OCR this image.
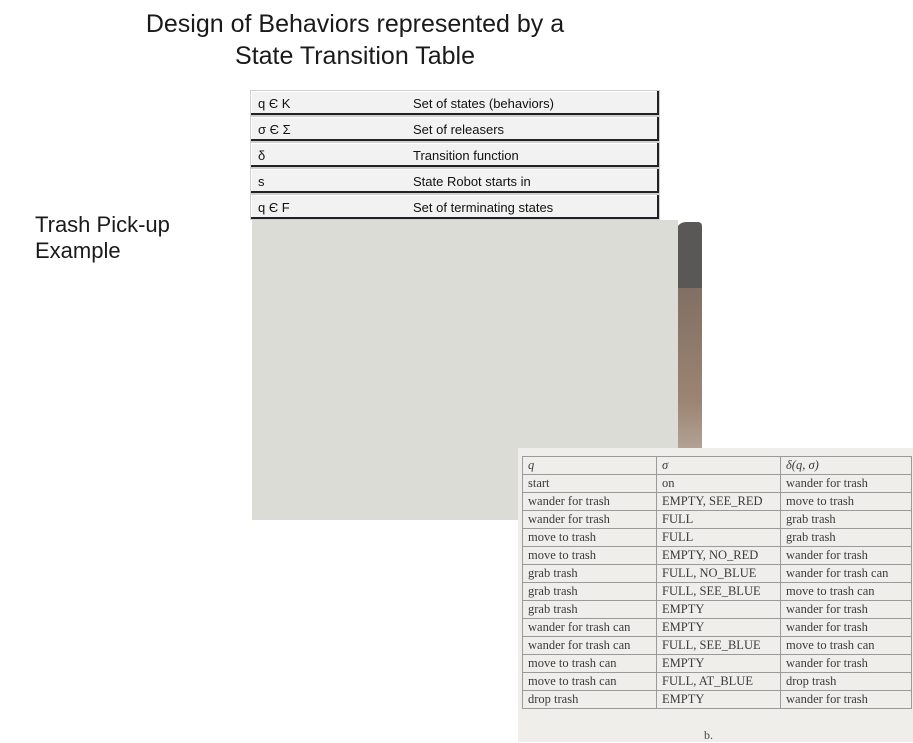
Design of Behaviors represented by a
State Transition Table
Trash Pick-up
Example
q Є K	Set of states (behaviors)
σ Є Σ	Set of releasers
δ	Transition function
s	State Robot starts in
q Є F	Set of terminating states
q	σ	δ(q, σ)
start	on	wander for trash
wander for trash	EMPTY, SEE_RED	move to trash
wander for trash	FULL	grab trash
move to trash	FULL	grab trash
move to trash	EMPTY, NO_RED	wander for trash
grab trash	FULL, NO_BLUE	wander for trash can
grab trash	FULL, SEE_BLUE	move to trash can
grab trash	EMPTY	wander for trash
wander for trash can	EMPTY	wander for trash
wander for trash can	FULL, SEE_BLUE	move to trash can
move to trash can	EMPTY	wander for trash
move to trash can	FULL, AT_BLUE	drop trash
drop trash	EMPTY	wander for trash
b.
